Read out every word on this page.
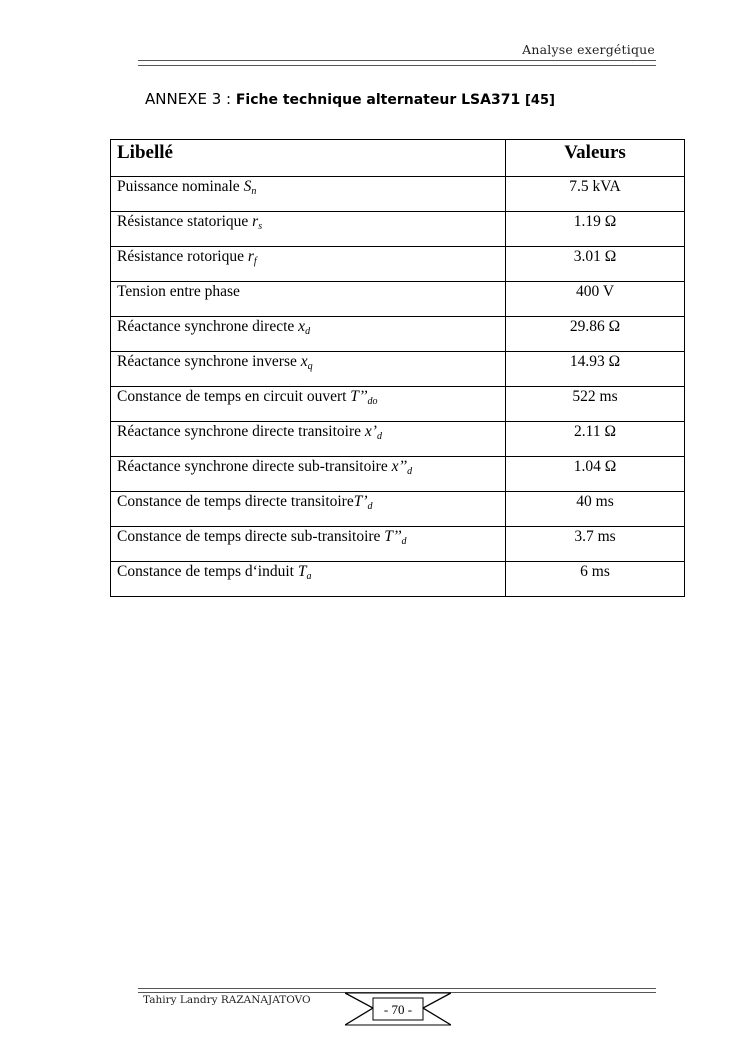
Analyse exergétique
ANNEXE 3 : Fiche technique alternateur LSA371 [45]
Libellé	Valeurs
Puissance nominale $S_n$	7.5 kVA
Résistance statorique $r_s$	1.19 Ω
Résistance rotorique $r_f$	3.01 Ω
Tension entre phase	400 V
Réactance synchrone directe $x_d$	29.86 Ω
Réactance synchrone inverse $x_q$	14.93 Ω
Constance de temps en circuit ouvert $T’’_{do}$	522 ms
Réactance synchrone directe transitoire $x’_d$	2.11 Ω
Réactance synchrone directe sub-transitoire $x’’_d$	1.04 Ω
Constance de temps directe $transitoireT’_d$	40 ms
Constance de temps directe sub-transitoire $T’’_d$	3.7 ms
Constance de temps d‘induit $T_a$	6 ms
Tahiry Landry RAZANAJATOVO
- 70 -
